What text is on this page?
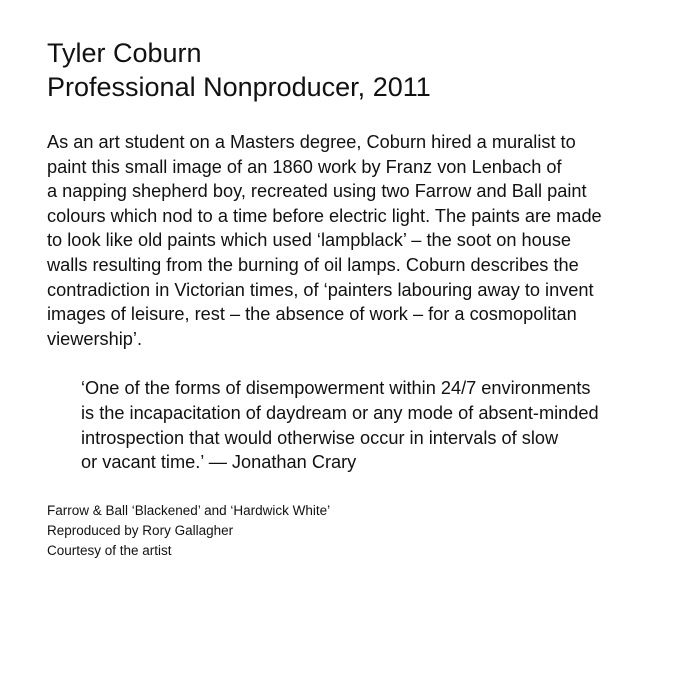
Tyler Coburn
Professional Nonproducer, 2011
As an art student on a Masters degree, Coburn hired a muralist to
paint this small image of an 1860 work by Franz von Lenbach of
a napping shepherd boy, recreated using two Farrow and Ball paint
colours which nod to a time before electric light. The paints are made
to look like old paints which used ‘lampblack’ – the soot on house
walls resulting from the burning of oil lamps. Coburn describes the
contradiction in Victorian times, of ‘painters labouring away to invent
images of leisure, rest – the absence of work – for a cosmopolitan
viewership’.
‘One of the forms of disempowerment within 24/7 environments
is the incapacitation of daydream or any mode of absent-minded
introspection that would otherwise occur in intervals of slow
or vacant time.’ — Jonathan Crary
Farrow & Ball ‘Blackened’ and ‘Hardwick White’
Reproduced by Rory Gallagher
Courtesy of the artist
